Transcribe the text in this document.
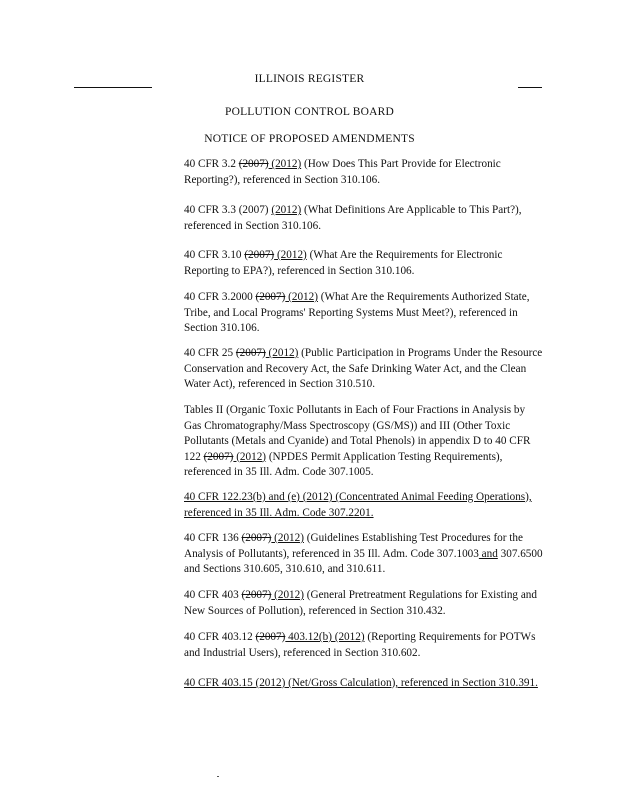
ILLINOIS REGISTER
POLLUTION CONTROL BOARD
NOTICE OF PROPOSED AMENDMENTS

40 CFR 3.2 (2007) (2012) (How Does This Part Provide for Electronic Reporting?), referenced in Section 310.106.

40 CFR 3.3 (2007) (2012) (What Definitions Are Applicable to This Part?), referenced in Section 310.106.

40 CFR 3.10 (2007) (2012) (What Are the Requirements for Electronic Reporting to EPA?), referenced in Section 310.106.

40 CFR 3.2000 (2007) (2012) (What Are the Requirements Authorized State, Tribe, and Local Programs' Reporting Systems Must Meet?), referenced in Section 310.106.

40 CFR 25 (2007) (2012) (Public Participation in Programs Under the Resource Conservation and Recovery Act, the Safe Drinking Water Act, and the Clean Water Act), referenced in Section 310.510.

Tables II (Organic Toxic Pollutants in Each of Four Fractions in Analysis by Gas Chromatography/Mass Spectroscopy (GS/MS)) and III (Other Toxic Pollutants (Metals and Cyanide) and Total Phenols) in appendix D to 40 CFR 122 (2007) (2012) (NPDES Permit Application Testing Requirements), referenced in 35 Ill. Adm. Code 307.1005.

40 CFR 122.23(b) and (e) (2012) (Concentrated Animal Feeding Operations), referenced in 35 Ill. Adm. Code 307.2201.

40 CFR 136 (2007) (2012) (Guidelines Establishing Test Procedures for the Analysis of Pollutants), referenced in 35 Ill. Adm. Code 307.1003 and 307.6500 and Sections 310.605, 310.610, and 310.611.

40 CFR 403 (2007) (2012) (General Pretreatment Regulations for Existing and New Sources of Pollution), referenced in Section 310.432.

40 CFR 403.12 (2007) 403.12(b) (2012) (Reporting Requirements for POTWs and Industrial Users), referenced in Section 310.602.

40 CFR 403.15 (2012) (Net/Gross Calculation), referenced in Section 310.391.
